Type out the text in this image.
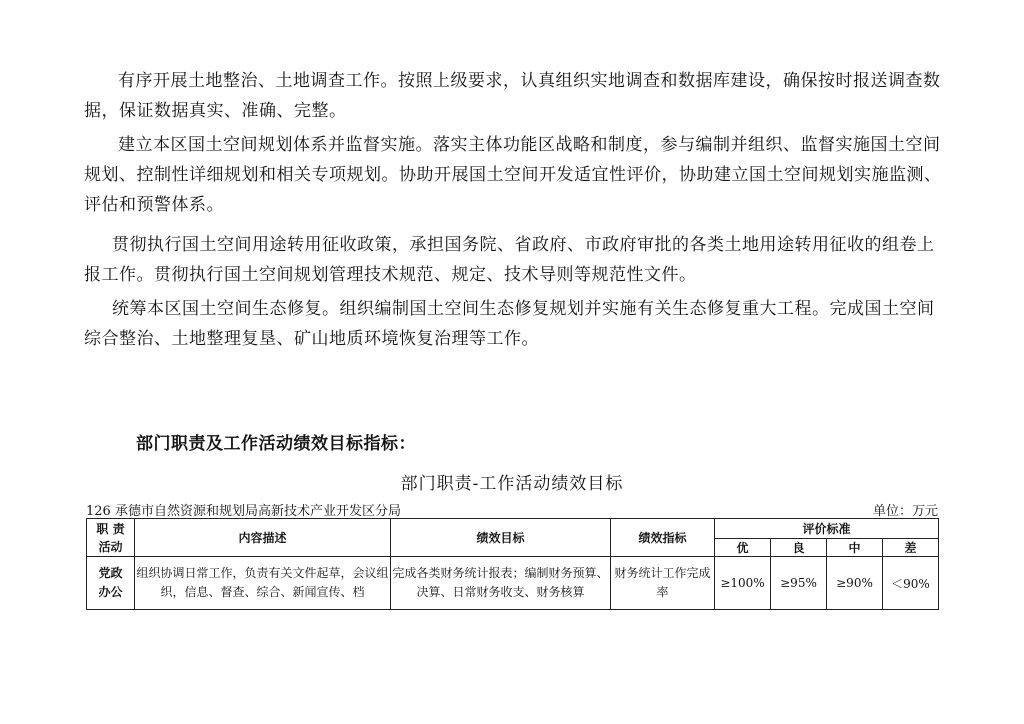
有序开展土地整治、土地调查工作。按照上级要求，认真组织实地调查和数据库建设，确保按时报送调查数据，保证数据真实、准确、完整。

建立本区国土空间规划体系并监督实施。落实主体功能区战略和制度，参与编制并组织、监督实施国土空间规划、控制性详细规划和相关专项规划。协助开展国土空间开发适宜性评价，协助建立国土空间规划实施监测、评估和预警体系。

贯彻执行国土空间用途转用征收政策，承担国务院、省政府、市政府审批的各类土地用途转用征收的组卷上报工作。贯彻执行国土空间规划管理技术规范、规定、技术导则等规范性文件。

统筹本区国土空间生态修复。组织编制国土空间生态修复规划并实施有关生态修复重大工程。完成国土空间综合整治、土地整理复垦、矿山地质环境恢复治理等工作。

部门职责及工作活动绩效目标指标：
部门职责-工作活动绩效目标
126 承德市自然资源和规划局高新技术产业开发区分局	单位：万元
职 责
活动	内容描述	绩效目标	绩效指标	评价标准			
				优	良	中	差
党政
办公	组织协调日常工作，负责有关文件起草，会议组织，信息、督查、综合、新闻宣传、档	完成各类财务统计报表；编制财务预算、决算、日常财务收支、财务核算	财务统计工作完成率	≥100%	≥95%	≥90%	＜90%
